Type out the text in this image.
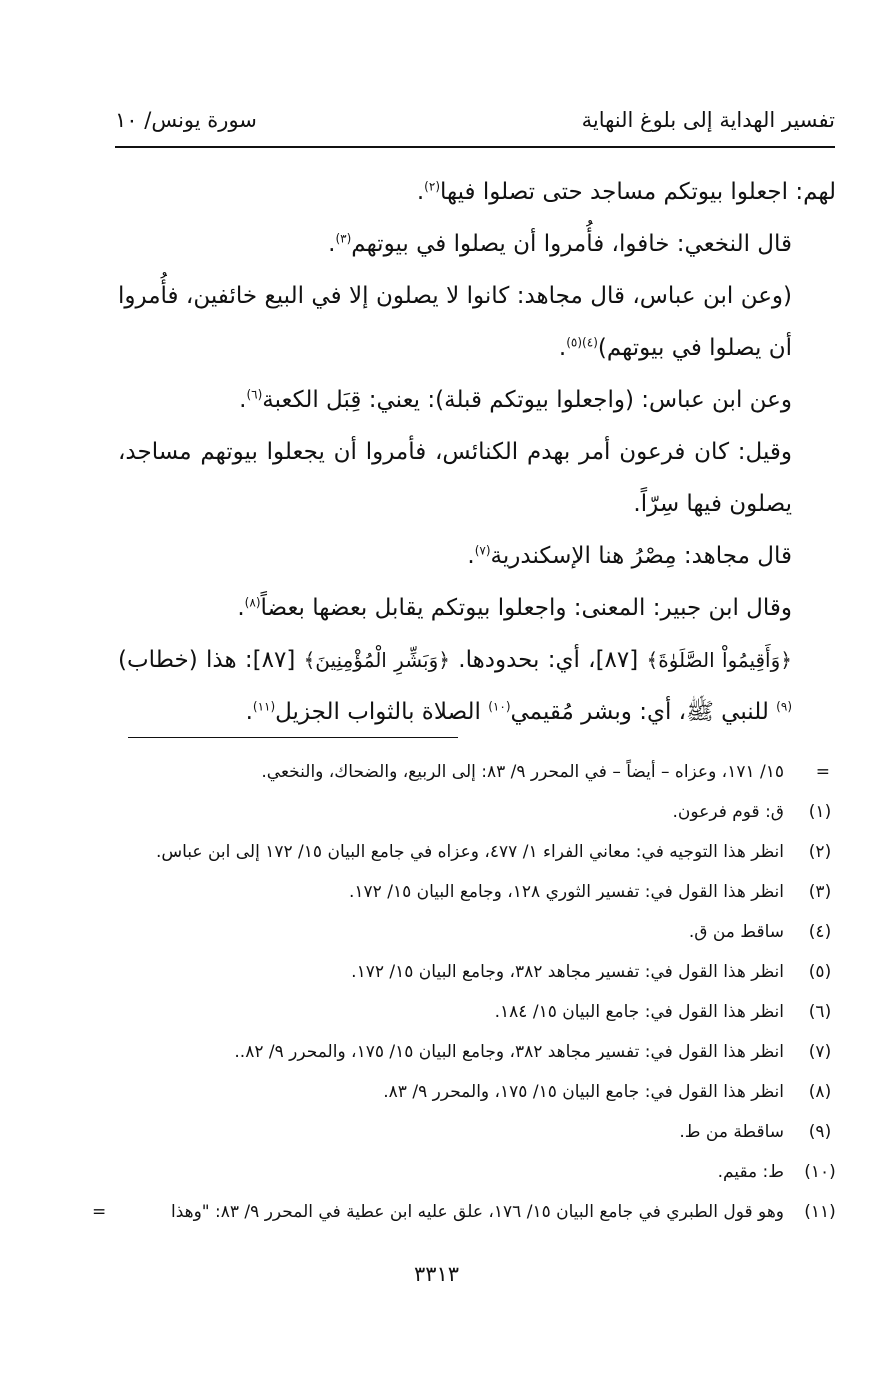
تفسير الهداية إلى بلوغ النهاية
سورة يونس/ ١٠

لهم: اجعلوا بيوتكم مساجد حتى تصلوا فيها$^{(٢)}$.

قال النخعي: خافوا، فأُمروا أن يصلوا في بيوتهم$^{(٣)}$.

(وعن ابن عباس، قال مجاهد: كانوا لا يصلون إلا في البيع خائفين، فأُمروا أن يصلوا في بيوتهم)$^{(٤)(٥)}$.

وعن ابن عباس: (واجعلوا بيوتكم قبلة): يعني: قِبَل الكعبة$^{(٦)}$.

وقيل: كان فرعون أمر بهدم الكنائس، فأمروا أن يجعلوا بيوتهم مساجد، يصلون فيها سِرّاً.

قال مجاهد: مِصْرُ هنا الإسكندرية$^{(٧)}$.

وقال ابن جبير: المعنى: واجعلوا بيوتكم يقابل بعضها بعضاً$^{(٨)}$.

﴿وَأَقِيمُواْ الصَّلَوٰةَ﴾ [٨٧]، أي: بحدودها. ﴿وَبَشِّرِ الْمُؤْمِنِينَ﴾ [٨٧]: هذا (خطاب)$^{(٩)}$ للنبي ﷺ، أي: وبشر مُقيمي$^{(١٠)}$ الصلاة بالثواب الجزيل$^{(١١)}$.

=
١٥/ ١٧١، وعزاه – أيضاً – في المحرر ٩/ ٨٣: إلى الربيع، والضحاك، والنخعي.
(١)
ق: قوم فرعون.
(٢)
انظر هذا التوجيه في: معاني الفراء ١/ ٤٧٧، وعزاه في جامع البيان ١٥/ ١٧٢ إلى ابن عباس.
(٣)
انظر هذا القول في: تفسير الثوري ١٢٨، وجامع البيان ١٥/ ١٧٢.
(٤)
ساقط من ق.
(٥)
انظر هذا القول في: تفسير مجاهد ٣٨٢، وجامع البيان ١٥/ ١٧٢.
(٦)
انظر هذا القول في: جامع البيان ١٥/ ١٨٤.
(٧)
انظر هذا القول في: تفسير مجاهد ٣٨٢، وجامع البيان ١٥/ ١٧٥، والمحرر ٩/ ٨٢..
(٨)
انظر هذا القول في: جامع البيان ١٥/ ١٧٥، والمحرر ٩/ ٨٣.
(٩)
ساقطة من ط.
(١٠)
ط: مقيم.
(١١)
وهو قول الطبري في جامع البيان ١٥/ ١٧٦، علق عليه ابن عطية في المحرر ٩/ ٨٣: "وهذا
=
٣٣١٣
